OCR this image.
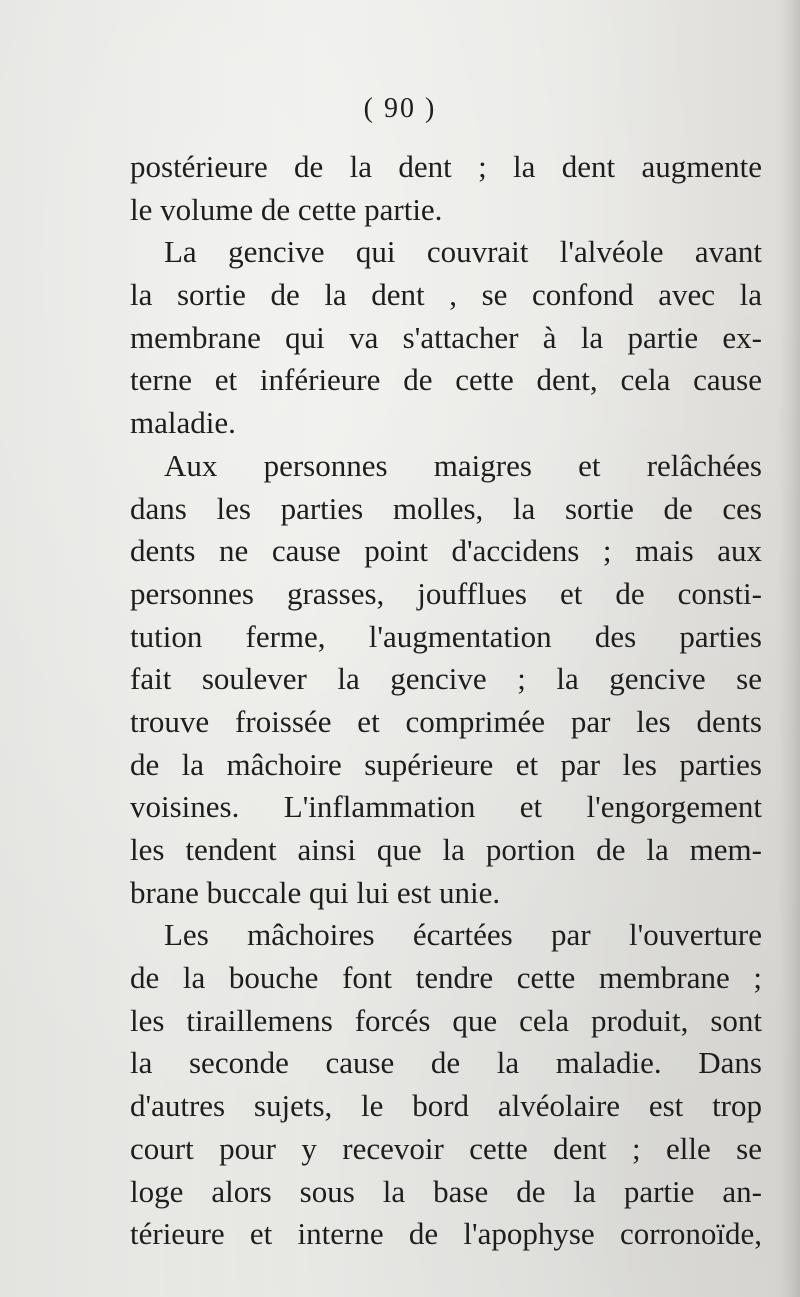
( 90 )
postérieure de la dent ; la dent augmente
le volume de cette partie.
La gencive qui couvrait l'alvéole avant
la sortie de la dent , se confond avec la
membrane qui va s'attacher à la partie ex-
terne et inférieure de cette dent, cela cause
maladie.
Aux personnes maigres et relâchées
dans les parties molles, la sortie de ces
dents ne cause point d'accidens ; mais aux
personnes grasses, joufflues et de consti-
tution ferme, l'augmentation des parties
fait soulever la gencive ; la gencive se
trouve froissée et comprimée par les dents
de la mâchoire supérieure et par les parties
voisines. L'inflammation et l'engorgement
les tendent ainsi que la portion de la mem-
brane buccale qui lui est unie.
Les mâchoires écartées par l'ouverture
de la bouche font tendre cette membrane ;
les tiraillemens forcés que cela produit, sont
la seconde cause de la maladie. Dans
d'autres sujets, le bord alvéolaire est trop
court pour y recevoir cette dent ; elle se
loge alors sous la base de la partie an-
térieure et interne de l'apophyse corronoïde,
